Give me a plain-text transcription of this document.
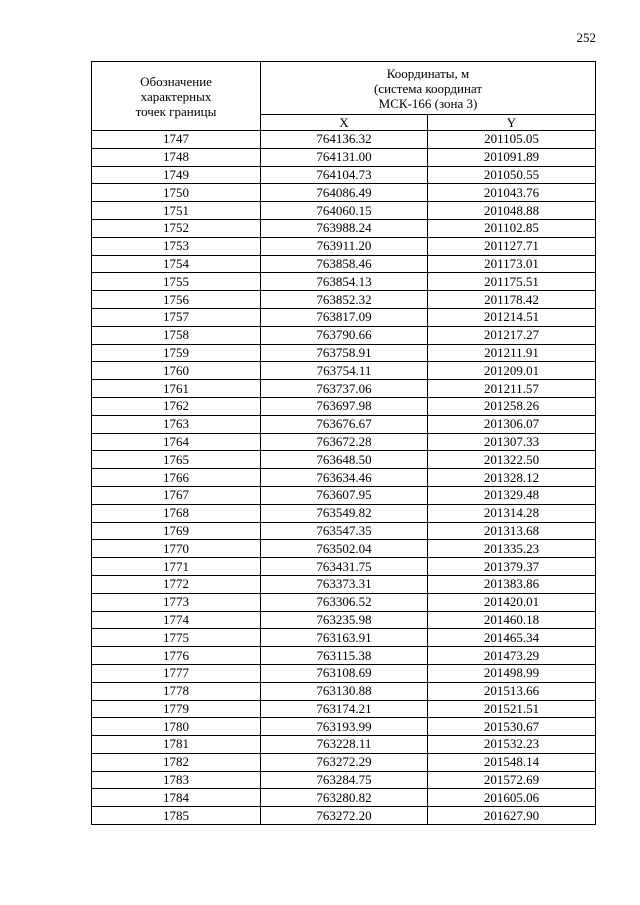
252
Обозначение
характерных
точек границы	Координаты, м
(система координат
МСК-166 (зона 3)	
	X	Y
1747	764136.32	201105.05
1748	764131.00	201091.89
1749	764104.73	201050.55
1750	764086.49	201043.76
1751	764060.15	201048.88
1752	763988.24	201102.85
1753	763911.20	201127.71
1754	763858.46	201173.01
1755	763854.13	201175.51
1756	763852.32	201178.42
1757	763817.09	201214.51
1758	763790.66	201217.27
1759	763758.91	201211.91
1760	763754.11	201209.01
1761	763737.06	201211.57
1762	763697.98	201258.26
1763	763676.67	201306.07
1764	763672.28	201307.33
1765	763648.50	201322.50
1766	763634.46	201328.12
1767	763607.95	201329.48
1768	763549.82	201314.28
1769	763547.35	201313.68
1770	763502.04	201335.23
1771	763431.75	201379.37
1772	763373.31	201383.86
1773	763306.52	201420.01
1774	763235.98	201460.18
1775	763163.91	201465.34
1776	763115.38	201473.29
1777	763108.69	201498.99
1778	763130.88	201513.66
1779	763174.21	201521.51
1780	763193.99	201530.67
1781	763228.11	201532.23
1782	763272.29	201548.14
1783	763284.75	201572.69
1784	763280.82	201605.06
1785	763272.20	201627.90
